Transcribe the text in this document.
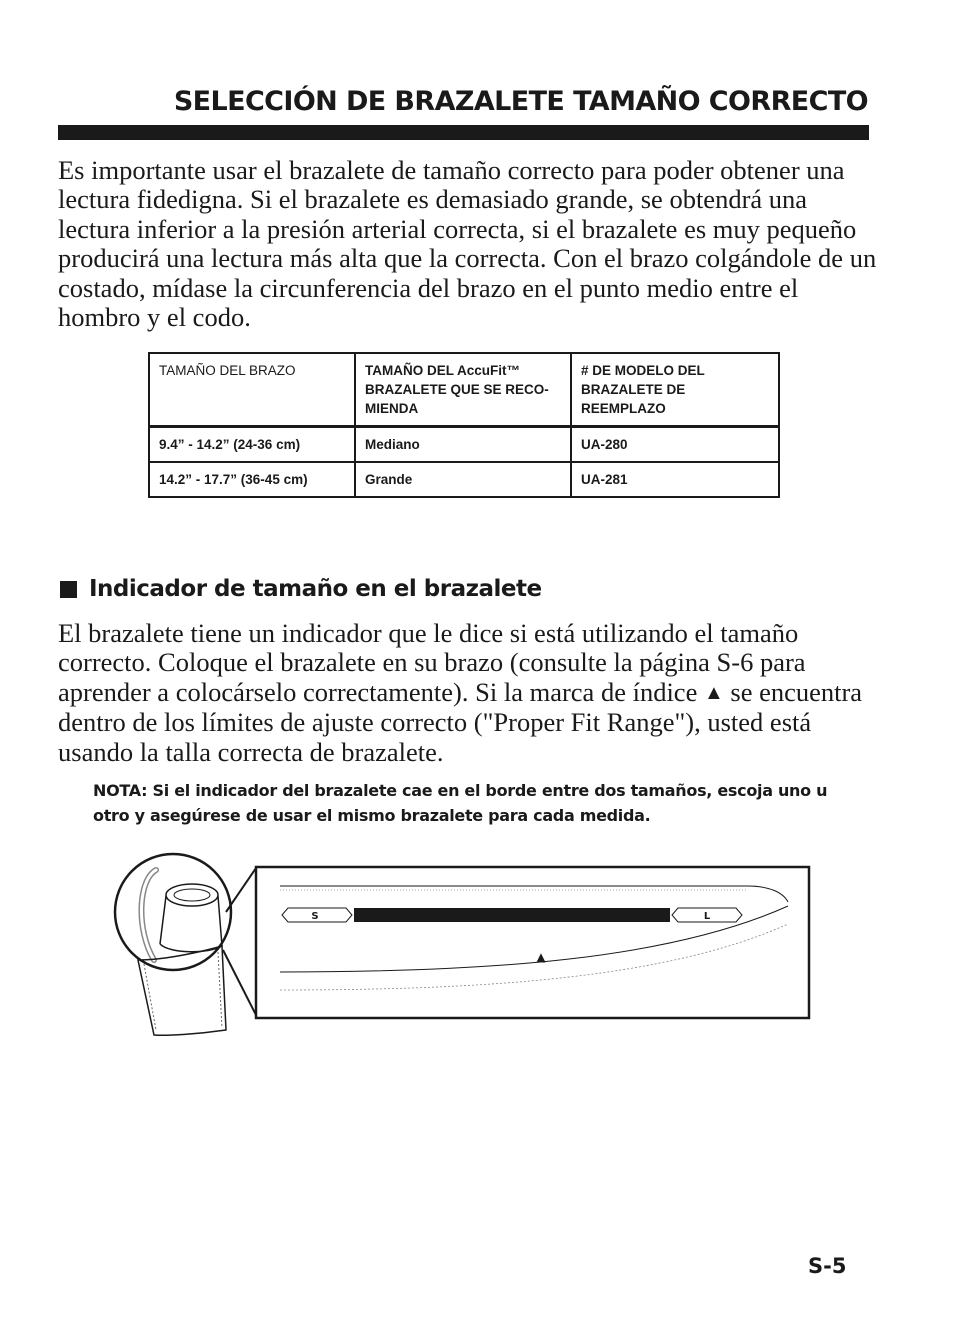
SELECCIÓN DE BRAZALETE TAMAÑO CORRECTO

Es importante usar el brazalete de tamaño correcto para poder obtener una lectura fidedigna. Si el brazalete es demasiado grande, se obtendrá una lectura inferior a la presión arterial correcta, si el brazalete es muy pequeño producirá una lectura más alta que la correcta. Con el brazo colgándole de un costado, mídase la circunferencia del brazo en el punto medio entre el hombro y el codo.

TAMAÑO DEL BRAZO	TAMAÑO DEL AccuFit™ BRAZALETE QUE SE RECO- MIENDA	# DE MODELO DEL BRAZALETE DE REEMPLAZO
9.4” - 14.2” (24-36 cm)	Mediano	UA-280
14.2” - 17.7” (36-45 cm)	Grande	UA-281
Indicador de tamaño en el brazalete

El brazalete tiene un indicador que le dice si está utilizando el tamaño correcto. Coloque el brazalete en su brazo (consulte la página S-6 para aprender a colocárselo correctamente). Si la marca de índice ▲ se encuentra dentro de los límites de ajuste correcto ("Proper Fit Range"), usted está usando la talla correcta de brazalete.

NOTA: Si el indicador del brazalete cae en el borde entre dos tamaños, escoja uno u otro y asegúrese de usar el mismo brazalete para cada medida.

S	L
▲
S-5
